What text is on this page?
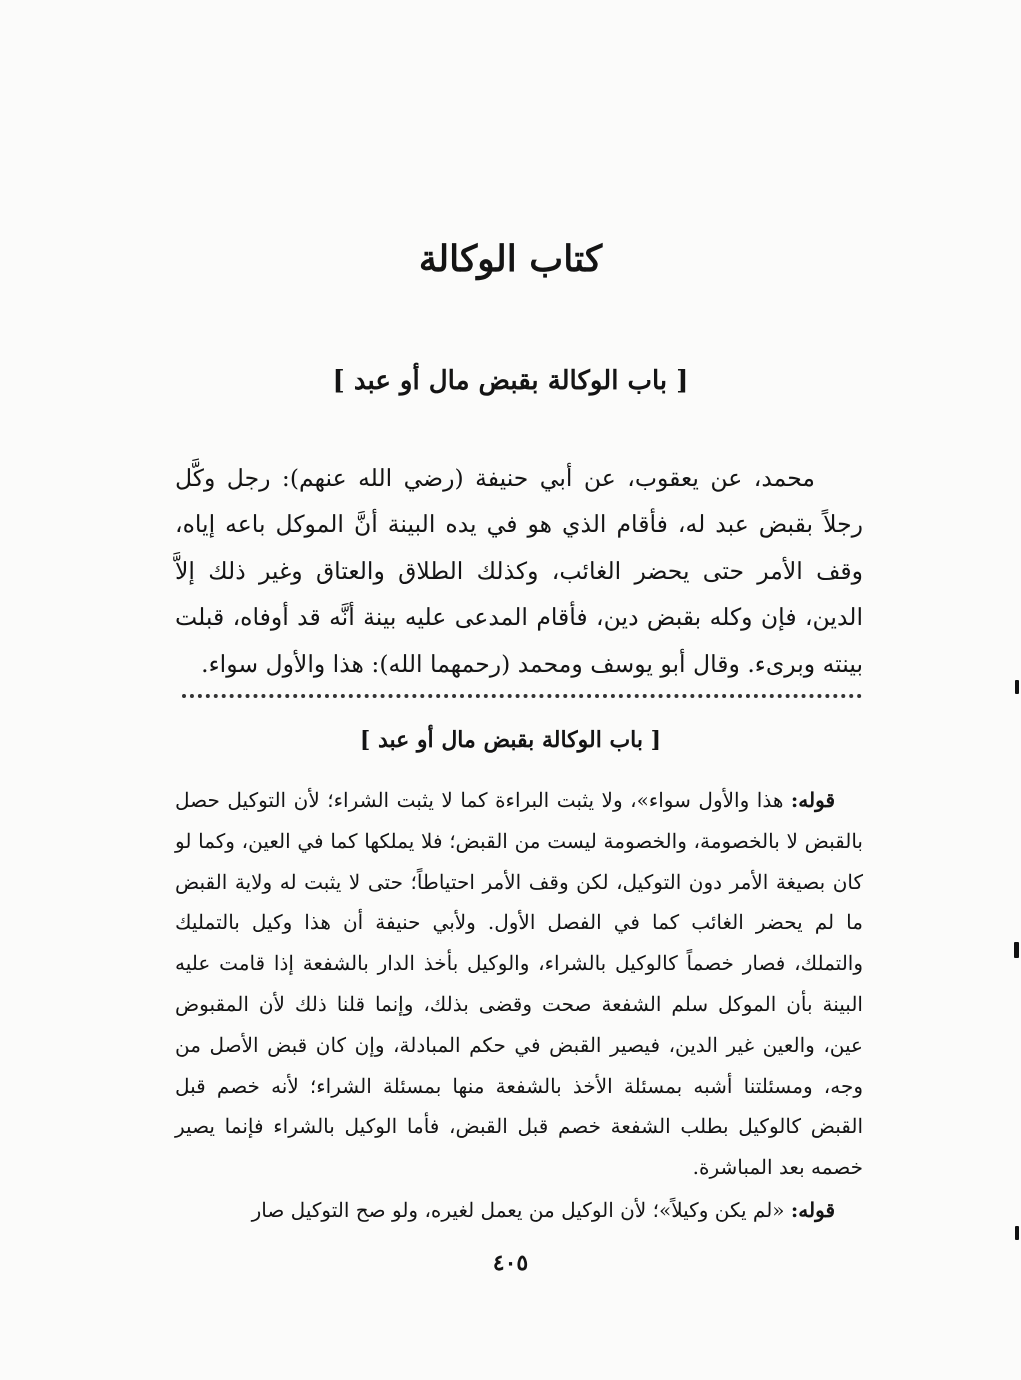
كتاب الوكالة
[ باب الوكالة بقبض مال أو عبد ]

محمد، عن يعقوب، عن أبي حنيفة (رضي الله عنهم): رجل وكَّل رجلاً بقبض عبد له، فأقام الذي هو في يده البينة أنَّ الموكل باعه إياه، وقف الأمر حتى يحضر الغائب، وكذلك الطلاق والعتاق وغير ذلك إلاَّ الدين، فإن وكله بقبض دين، فأقام المدعى عليه بينة أنَّه قد أوفاه، قبلت بينته وبرىء. وقال أبو يوسف ومحمد (رحمهما الله): هذا والأول سواء.

[ باب الوكالة بقبض مال أو عبد ]

قوله: هذا والأول سواء»، ولا يثبت البراءة كما لا يثبت الشراء؛ لأن التوكيل حصل بالقبض لا بالخصومة، والخصومة ليست من القبض؛ فلا يملكها كما في العين، وكما لو كان بصيغة الأمر دون التوكيل، لكن وقف الأمر احتياطاً؛ حتى لا يثبت له ولاية القبض ما لم يحضر الغائب كما في الفصل الأول. ولأبي حنيفة أن هذا وكيل بالتمليك والتملك، فصار خصماً كالوكيل بالشراء، والوكيل بأخذ الدار بالشفعة إذا قامت عليه البينة بأن الموكل سلم الشفعة صحت وقضى بذلك، وإنما قلنا ذلك لأن المقبوض عين، والعين غير الدين، فيصير القبض في حكم المبادلة، وإن كان قبض الأصل من وجه، ومسئلتنا أشبه بمسئلة الأخذ بالشفعة منها بمسئلة الشراء؛ لأنه خصم قبل القبض كالوكيل بطلب الشفعة خصم قبل القبض، فأما الوكيل بالشراء فإنما يصير خصمه بعد المباشرة.

قوله: «لم يكن وكيلاً»؛ لأن الوكيل من يعمل لغيره، ولو صح التوكيل صار

٤٠٥
